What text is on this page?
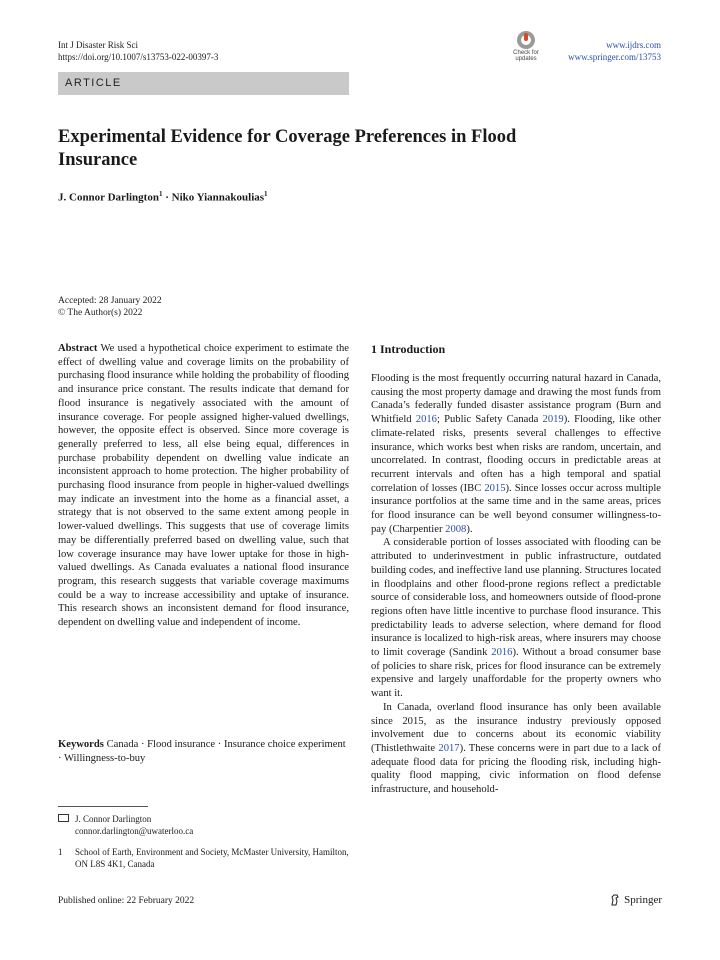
Int J Disaster Risk Sci
https://doi.org/10.1007/s13753-022-00397-3	Check for
updates
www.ijdrs.com
www.springer.com/13753
ARTICLE
Experimental Evidence for Coverage Preferences in Flood Insurance
J. Connor Darlington$^1$ · Niko Yiannakoulias$^1$
Accepted: 28 January 2022
© The Author(s) 2022
Abstract We used a hypothetical choice experiment to estimate the effect of dwelling value and coverage limits on the probability of purchasing flood insurance while holding the probability of flooding and insurance price constant. The results indicate that demand for flood insurance is negatively associated with the amount of insurance coverage. For people assigned higher-valued dwellings, however, the opposite effect is observed. Since more coverage is generally preferred to less, all else being equal, differences in purchase probability dependent on dwelling value indicate an inconsistent approach to home protection. The higher probability of purchasing flood insurance from people in higher-valued dwellings may indicate an investment into the home as a financial asset, a strategy that is not observed to the same extent among people in lower-valued dwellings. This suggests that use of coverage limits may be differentially preferred based on dwelling value, such that low coverage insurance may have lower uptake for those in high-valued dwellings. As Canada evaluates a national flood insurance program, this research suggests that variable coverage maximums could be a way to increase accessibility and uptake of insurance. This research shows an inconsistent demand for flood insurance, dependent on dwelling value and independent of income.
Keywords Canada · Flood insurance · Insurance choice experiment · Willingness-to-buy
J. Connor Darlington
connor.darlington@uwaterloo.ca
1	School of Earth, Environment and Society, McMaster University, Hamilton, ON L8S 4K1, Canada
Published online: 22 February 2022	Springer
1 Introduction

Flooding is the most frequently occurring natural hazard in Canada, causing the most property damage and drawing the most funds from Canada’s federally funded disaster assistance program (Burn and Whitfield 2016; Public Safety Canada 2019). Flooding, like other climate-related risks, presents several challenges to effective insurance, which works best when risks are random, uncertain, and uncorrelated. In contrast, flooding occurs in predictable areas at recurrent intervals and often has a high temporal and spatial correlation of losses (IBC 2015). Since losses occur across multiple insurance portfolios at the same time and in the same areas, prices for flood insurance can be well beyond consumer willingness-to-pay (Charpentier 2008).

A considerable portion of losses associated with flooding can be attributed to underinvestment in public infrastructure, outdated building codes, and ineffective land use planning. Structures located in floodplains and other flood-prone regions reflect a predictable source of considerable loss, and homeowners outside of flood-prone regions often have little incentive to purchase flood insurance. This predictability leads to adverse selection, where demand for flood insurance is localized to high-risk areas, where insurers may choose to limit coverage (Sandink 2016). Without a broad consumer base of policies to share risk, prices for flood insurance can be extremely expensive and largely unaffordable for the property owners who want it.

In Canada, overland flood insurance has only been available since 2015, as the insurance industry previously opposed involvement due to concerns about its economic viability (Thistlethwaite 2017). These concerns were in part due to a lack of adequate flood data for pricing the flooding risk, including high-quality flood mapping, civic information on flood defense infrastructure, and household-
